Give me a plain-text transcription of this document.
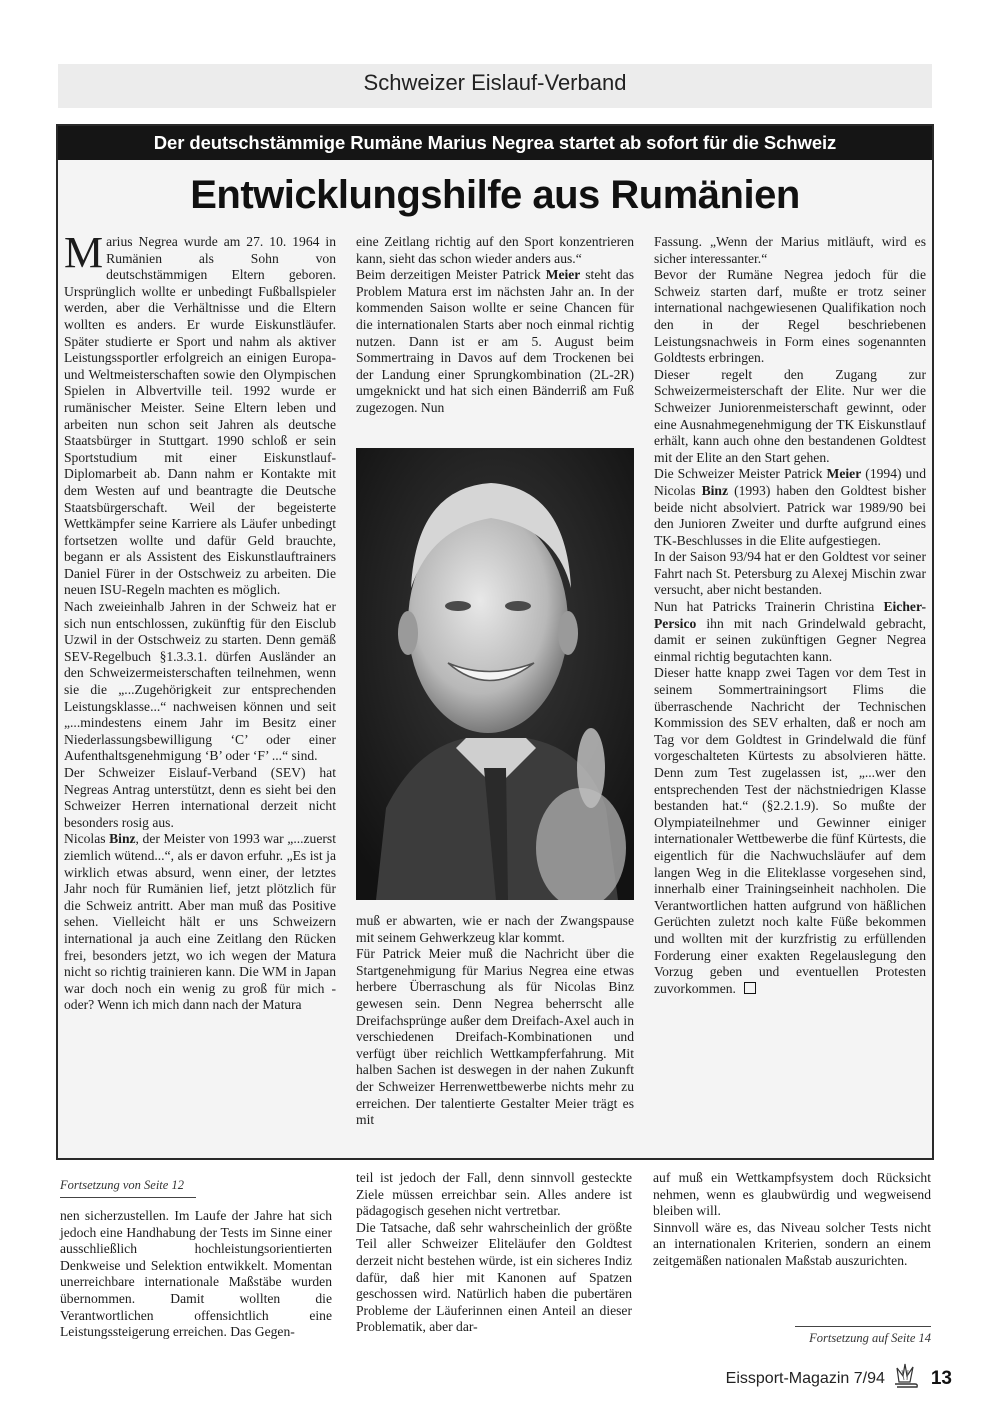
Schweizer Eislauf-Verband
Der deutschstämmige Rumäne Marius Negrea startet ab sofort für die Schweiz
Entwicklungshilfe aus Rumänien

Marius Negrea wurde am 27. 10. 1964 in Rumänien als Sohn von deutschstämmigen Eltern geboren. Ursprünglich wollte er unbedingt Fußballspieler werden, aber die Verhältnisse und die Eltern wollten es anders. Er wurde Eiskunstläufer. Später studierte er Sport und nahm als aktiver Leistungssportler erfolgreich an einigen Europa- und Weltmeisterschaften sowie den Olympischen Spielen in Albvertville teil. 1992 wurde er rumänischer Meister. Seine Eltern leben und arbeiten nun schon seit Jahren als deutsche Staatsbürger in Stuttgart. 1990 schloß er sein Sportstudium mit einer Eiskunstlauf-Diplomarbeit ab. Dann nahm er Kontakte mit dem Westen auf und beantragte die Deutsche Staatsbürgerschaft. Weil der begeisterte Wettkämpfer seine Karriere als Läufer unbedingt fortsetzen wollte und dafür Geld brauchte, begann er als Assistent des Eiskunstlauftrainers Daniel Fürer in der Ostschweiz zu arbeiten. Die neuen ISU-Regeln machten es möglich.

Nach zweieinhalb Jahren in der Schweiz hat er sich nun entschlossen, zukünftig für den Eisclub Uzwil in der Ostschweiz zu starten. Denn gemäß SEV-Regelbuch §1.3.3.1. dürfen Ausländer an den Schweizermeisterschaften teilnehmen, wenn sie die „...Zugehörigkeit zur entsprechenden Leistungsklasse...“ nachweisen können und seit „...mindestens einem Jahr im Besitz einer Niederlassungsbewilligung ‘C’ oder einer Aufenthaltsgenehmigung ‘B’ oder ‘F’ ...“ sind.

Der Schweizer Eislauf-Verband (SEV) hat Negreas Antrag unterstützt, denn es sieht bei den Schweizer Herren international derzeit nicht besonders rosig aus.

Nicolas Binz, der Meister von 1993 war „...zuerst ziemlich wütend...“, als er davon erfuhr. „Es ist ja wirklich etwas absurd, wenn einer, der letztes Jahr noch für Rumänien lief, jetzt plötzlich für die Schweiz antritt. Aber man muß das Positive sehen. Vielleicht hält er uns Schweizern international ja auch eine Zeitlang den Rücken frei, besonders jetzt, wo ich wegen der Matura nicht so richtig trainieren kann. Die WM in Japan war doch noch ein wenig zu groß für mich - oder? Wenn ich mich dann nach der Matura

eine Zeitlang richtig auf den Sport konzentrieren kann, sieht das schon wieder anders aus.“

Beim derzeitigen Meister Patrick Meier steht das Problem Matura erst im nächsten Jahr an. In der kommenden Saison wollte er seine Chancen für die internationalen Starts aber noch einmal richtig nutzen. Dann ist er am 5. August beim Sommertraing in Davos auf dem Trockenen bei der Landung einer Sprungkombination (2L-2R) umgeknickt und hat sich einen Bänderriß am Fuß zugezogen. Nun

muß er abwarten, wie er nach der Zwangspause mit seinem Gehwerkzeug klar kommt.

Für Patrick Meier muß die Nachricht über die Startgenehmigung für Marius Negrea eine etwas herbere Überraschung als für Nicolas Binz gewesen sein. Denn Negrea beherrscht alle Dreifachsprünge außer dem Dreifach-Axel auch in verschiedenen Dreifach-Kombinationen und verfügt über reichlich Wettkampferfahrung. Mit halben Sachen ist deswegen in der nahen Zukunft der Schweizer Herrenwettbewerbe nichts mehr zu erreichen. Der talentierte Gestalter Meier trägt es mit

Fassung. „Wenn der Marius mitläuft, wird es sicher interessanter.“

Bevor der Rumäne Negrea jedoch für die Schweiz starten darf, mußte er trotz seiner international nachgewiesenen Qualifikation noch den in der Regel beschriebenen Leistungsnachweis in Form eines sogenannten Goldtests erbringen.

Dieser regelt den Zugang zur Schweizermeisterschaft der Elite. Nur wer die Schweizer Juniorenmeisterschaft gewinnt, oder eine Ausnahmegenehmigung der TK Eiskunstlauf erhält, kann auch ohne den bestandenen Goldtest mit der Elite an den Start gehen.

Die Schweizer Meister Patrick Meier (1994) und Nicolas Binz (1993) haben den Goldtest bisher beide nicht absolviert. Patrick war 1989/90 bei den Junioren Zweiter und durfte aufgrund eines TK-Beschlusses in die Elite aufgestiegen.

In der Saison 93/94 hat er den Goldtest vor seiner Fahrt nach St. Petersburg zu Alexej Mischin zwar versucht, aber nicht bestanden.

Nun hat Patricks Trainerin Christina Eicher-Persico ihn mit nach Grindelwald gebracht, damit er seinen zukünftigen Gegner Negrea einmal richtig begutachten kann.

Dieser hatte knapp zwei Tagen vor dem Test in seinem Sommertrainingsort Flims die überraschende Nachricht der Technischen Kommission des SEV erhalten, daß er noch am Tag vor dem Goldtest in Grindelwald die fünf vorgeschalteten Kürtests zu absolvieren hätte. Denn zum Test zugelassen ist, „...wer den entsprechenden Test der nächstniedrigen Klasse bestanden hat.“ (§2.2.1.9). So mußte der Olympiateilnehmer und Gewinner einiger internationaler Wettbewerbe die fünf Kürtests, die eigentlich für die Nachwuchsläufer auf dem langen Weg in die Eliteklasse vorgesehen sind, innerhalb einer Trainingseinheit nachholen. Die Verantwortlichen hatten aufgrund von häßlichen Gerüchten zuletzt noch kalte Füße bekommen und wollten mit der kurzfristig zu erfüllenden Forderung einer exakten Regelauslegung den Vorzug geben und eventuellen Protesten zuvorkommen.

Fortsetzung von Seite 12

nen sicherzustellen. Im Laufe der Jahre hat sich jedoch eine Handhabung der Tests im Sinne einer ausschließlich hochleistungsorientierten Denkweise und Selektion entwikkelt. Momentan unerreichbare internationale Maßstäbe wurden übernommen. Damit wollten die Verantwortlichen offensichtlich eine Leistungssteigerung erreichen. Das Gegen-

teil ist jedoch der Fall, denn sinnvoll gesteckte Ziele müssen erreichbar sein. Alles andere ist pädagogisch gesehen nicht vertretbar.

Die Tatsache, daß sehr wahrscheinlich der größte Teil aller Schweizer Eliteläufer den Goldtest derzeit nicht bestehen würde, ist ein sicheres Indiz dafür, daß hier mit Kanonen auf Spatzen geschossen wird. Natürlich haben die pubertären Probleme der Läuferinnen einen Anteil an dieser Problematik, aber dar-

auf muß ein Wettkampfsystem doch Rücksicht nehmen, wenn es glaubwürdig und wegweisend bleiben will.

Sinnvoll wäre es, das Niveau solcher Tests nicht an internationalen Kriterien, sondern an einem zeitgemäßen nationalen Maßstab auszurichten.

Fortsetzung auf Seite 14
Eissport-Magazin 7/94 13
